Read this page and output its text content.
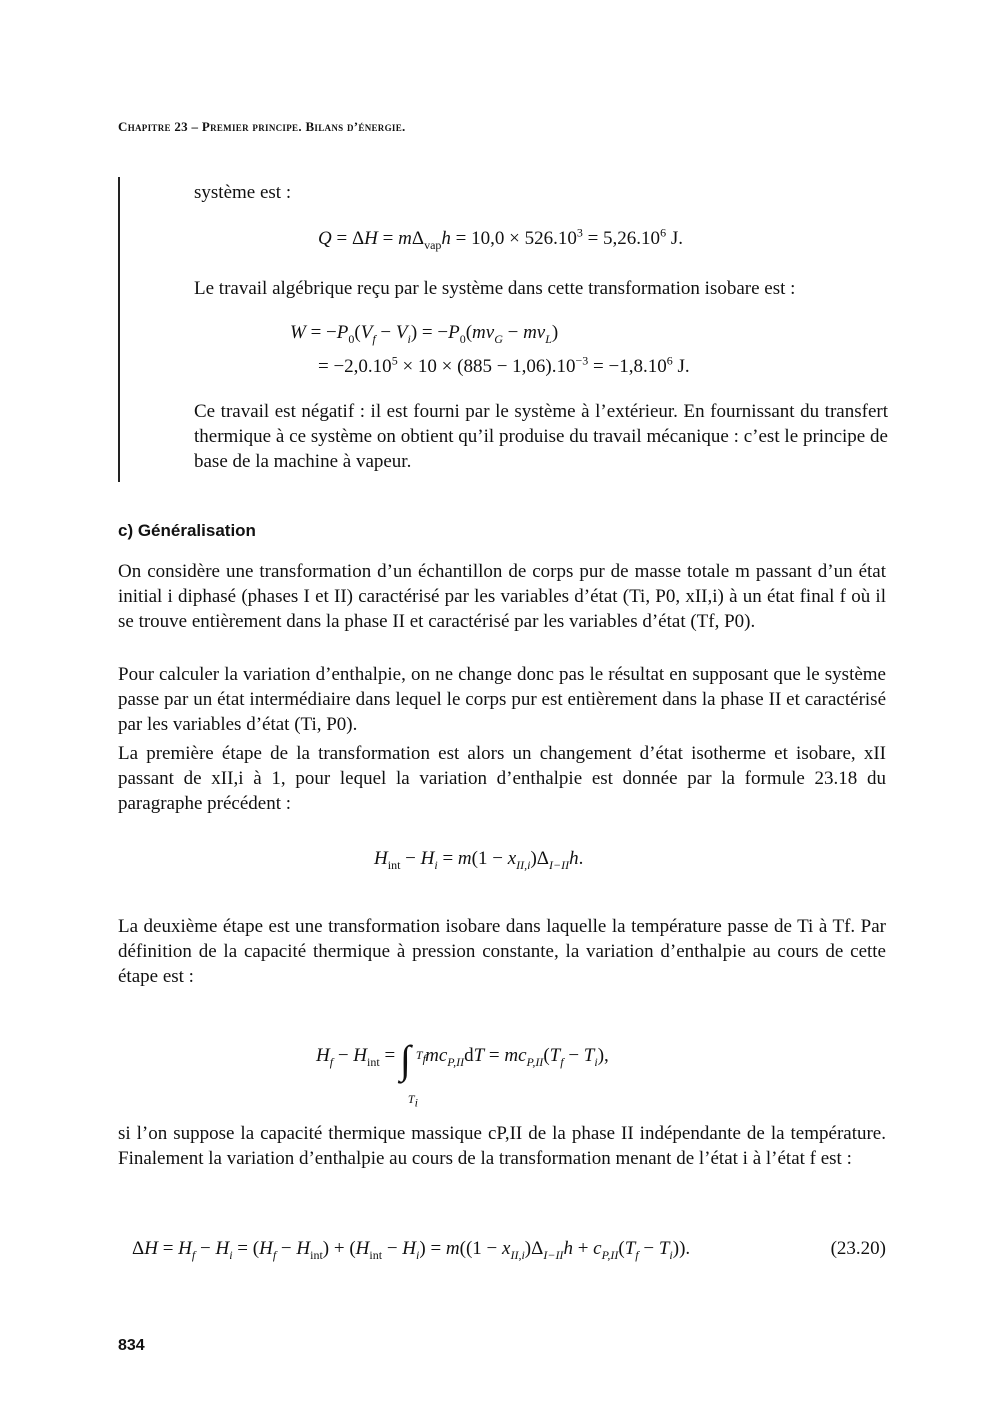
Chapitre 23 – Premier principe. Bilans d’énergie.

système est :

$Q = \Delta H = m\Delta_{vap}h = 10,0 \times 526.10^3 = 5,26.10^6$ J.

Le travail algébrique reçu par le système dans cette transformation isobare est :

$W = -P_0(V_f - V_i) = -P_0(mv_G - mv_L)$
= $-2,0.10^5 \times 10 \times (885 - 1,06).10^{-3} = -1,8.10^6$ J.

Ce travail est négatif : il est fourni par le système à l’extérieur. En fournissant du transfert thermique à ce système on obtient qu’il produise du travail mécanique : c’est le principe de base de la machine à vapeur.

c) Généralisation

On considère une transformation d’un échantillon de corps pur de masse totale m passant d’un état initial i diphasé (phases I et II) caractérisé par les variables d’état (Ti, P0, xII,i) à un état final f où il se trouve entièrement dans la phase II et caractérisé par les variables d’état (Tf, P0).

Pour calculer la variation d’enthalpie, on ne change donc pas le résultat en supposant que le système passe par un état intermédiaire dans lequel le corps pur est entièrement dans la phase II et caractérisé par les variables d’état (Ti, P0).

La première étape de la transformation est alors un changement d’état isotherme et isobare, xII passant de xII,i à 1, pour lequel la variation d’enthalpie est donnée par la formule 23.18 du paragraphe précédent :

$H_{int} - H_i = m(1 - x_{II,i})\Delta_{I-II}h$.

La deuxième étape est une transformation isobare dans laquelle la température passe de Ti à Tf. Par définition de la capacité thermique à pression constante, la variation d’enthalpie au cours de cette étape est :

$H_f - H_{int}$ = ∫ $T_f$
$T_i$
$mc_{P,II}dT = mc_{P,II}(T_f - T_i)$,

si l’on suppose la capacité thermique massique cP,II de la phase II indépendante de la température. Finalement la variation d’enthalpie au cours de la transformation menant de l’état i à l’état f est :

$\Delta H = H_f - H_i = (H_f - H_{int}) + (H_{int} - H_i) = m((1 - x_{II,i})\Delta_{I-II}h + c_{P,II}(T_f - T_i))$.	(23.20)
834
